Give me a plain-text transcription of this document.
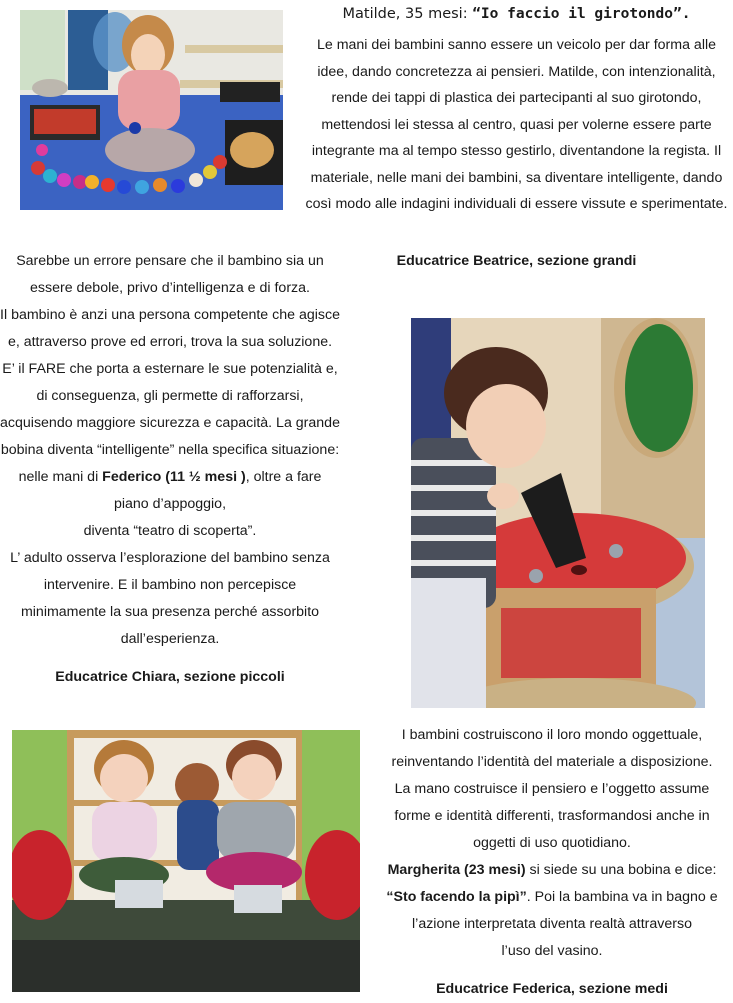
Matilde, 35 mesi: “Io faccio il girotondo”.

Le mani dei bambini sanno essere un veicolo per dar forma alle idee, dando concretezza ai pensieri. Matilde, con intenzionalità, rende dei tappi di plastica dei partecipanti al suo girotondo, mettendosi lei stessa al centro, quasi per volerne essere parte integrante ma al tempo stesso gestirlo, diventandone la regista. Il materiale, nelle mani dei bambini, sa diventare intelligente, dando così modo alle indagini individuali di essere vissute e sperimentate.

Educatrice Beatrice, sezione grandi

Sarebbe un errore pensare che il bambino sia un essere debole, privo d’intelligenza e di forza.

Il bambino è anzi una persona competente che agisce e, attraverso prove ed errori, trova la sua soluzione. E’ il FARE che porta a esternare le sue potenzialità e, di conseguenza, gli permette di rafforzarsi, acquisendo maggiore sicurezza e capacità. La grande bobina diventa “intelligente” nella specifica situazione: nelle mani di Federico (11 ½ mesi ), oltre a fare piano d’appoggio,
diventa “teatro di scoperta”.

L’ adulto osserva l’esplorazione del bambino senza intervenire. E il bambino non percepisce minimamente la sua presenza perché assorbito dall’esperienza.

Educatrice Chiara, sezione piccoli

I bambini costruiscono il loro mondo oggettuale, reinventando l’identità del materiale a disposizione. La mano costruisce il pensiero e l’oggetto assume forme e identità differenti, trasformandosi anche in oggetti di uso quotidiano.

Margherita (23 mesi) si siede su una bobina e dice: “Sto facendo la pipì”. Poi la bambina va in bagno e l’azione interpretata diventa realtà attraverso
l’uso del vasino.

Educatrice Federica, sezione medi
